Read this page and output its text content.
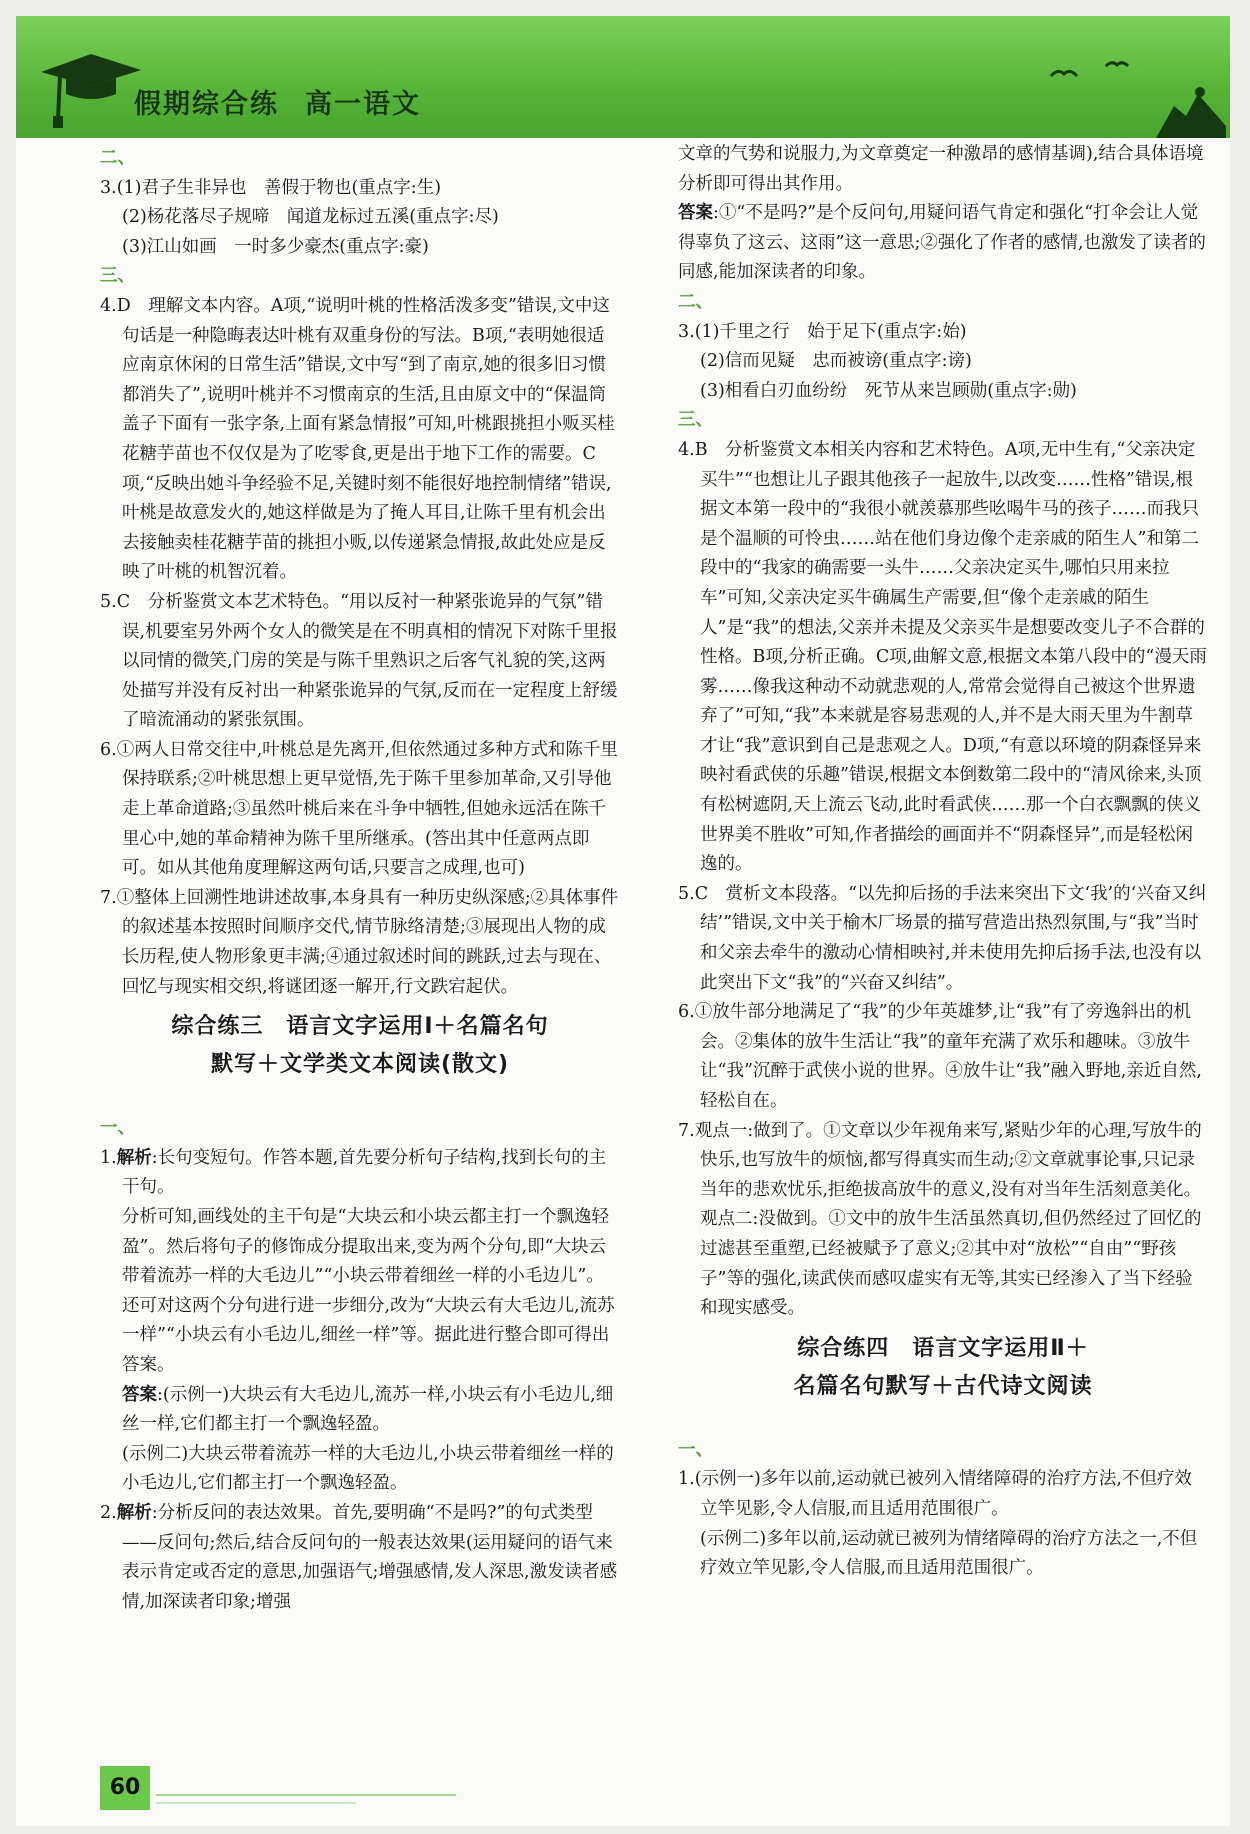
假期综合练 高一语文

二、

3.(1)君子生非异也　善假于物也(重点字:生)

(2)杨花落尽子规啼　闻道龙标过五溪(重点字:尽)

(3)江山如画　一时多少豪杰(重点字:豪)

三、

4.D　理解文本内容。A项,“说明叶桃的性格活泼多变”错误,文中这句话是一种隐晦表达叶桃有双重身份的写法。B项,“表明她很适应南京休闲的日常生活”错误,文中写“到了南京,她的很多旧习惯都消失了”,说明叶桃并不习惯南京的生活,且由原文中的“保温筒盖子下面有一张字条,上面有紧急情报”可知,叶桃跟挑担小贩买桂花糖芋苗也不仅仅是为了吃零食,更是出于地下工作的需要。C项,“反映出她斗争经验不足,关键时刻不能很好地控制情绪”错误,叶桃是故意发火的,她这样做是为了掩人耳目,让陈千里有机会出去接触卖桂花糖芋苗的挑担小贩,以传递紧急情报,故此处应是反映了叶桃的机智沉着。

5.C　分析鉴赏文本艺术特色。“用以反衬一种紧张诡异的气氛”错误,机要室另外两个女人的微笑是在不明真相的情况下对陈千里报以同情的微笑,门房的笑是与陈千里熟识之后客气礼貌的笑,这两处描写并没有反衬出一种紧张诡异的气氛,反而在一定程度上舒缓了暗流涌动的紧张氛围。

6.①两人日常交往中,叶桃总是先离开,但依然通过多种方式和陈千里保持联系;②叶桃思想上更早觉悟,先于陈千里参加革命,又引导他走上革命道路;③虽然叶桃后来在斗争中牺牲,但她永远活在陈千里心中,她的革命精神为陈千里所继承。(答出其中任意两点即可。如从其他角度理解这两句话,只要言之成理,也可)

7.①整体上回溯性地讲述故事,本身具有一种历史纵深感;②具体事件的叙述基本按照时间顺序交代,情节脉络清楚;③展现出人物的成长历程,使人物形象更丰满;④通过叙述时间的跳跃,过去与现在、回忆与现实相交织,将谜团逐一解开,行文跌宕起伏。

综合练三　语言文字运用Ⅰ＋名篇名句
默写＋文学类文本阅读(散文)

一、

1.解析:长句变短句。作答本题,首先要分析句子结构,找到长句的主干句。

分析可知,画线处的主干句是“大块云和小块云都主打一个飘逸轻盈”。然后将句子的修饰成分提取出来,变为两个分句,即“大块云带着流苏一样的大毛边儿”“小块云带着细丝一样的小毛边儿”。还可对这两个分句进行进一步细分,改为“大块云有大毛边儿,流苏一样”“小块云有小毛边儿,细丝一样”等。据此进行整合即可得出答案。

答案:(示例一)大块云有大毛边儿,流苏一样,小块云有小毛边儿,细丝一样,它们都主打一个飘逸轻盈。

(示例二)大块云带着流苏一样的大毛边儿,小块云带着细丝一样的小毛边儿,它们都主打一个飘逸轻盈。

2.解析:分析反问的表达效果。首先,要明确“不是吗?”的句式类型——反问句;然后,结合反问句的一般表达效果(运用疑问的语气来表示肯定或否定的意思,加强语气;增强感情,发人深思,激发读者感情,加深读者印象;增强

文章的气势和说服力,为文章奠定一种激昂的感情基调),结合具体语境分析即可得出其作用。

答案:①“不是吗?”是个反问句,用疑问语气肯定和强化“打伞会让人觉得辜负了这云、这雨”这一意思;②强化了作者的感情,也激发了读者的同感,能加深读者的印象。

二、

3.(1)千里之行　始于足下(重点字:始)

(2)信而见疑　忠而被谤(重点字:谤)

(3)相看白刃血纷纷　死节从来岂顾勋(重点字:勋)

三、

4.B　分析鉴赏文本相关内容和艺术特色。A项,无中生有,“父亲决定买牛”“也想让儿子跟其他孩子一起放牛,以改变……性格”错误,根据文本第一段中的“我很小就羡慕那些吆喝牛马的孩子……而我只是个温顺的可怜虫……站在他们身边像个走亲戚的陌生人”和第二段中的“我家的确需要一头牛……父亲决定买牛,哪怕只用来拉车”可知,父亲决定买牛确属生产需要,但“像个走亲戚的陌生人”是“我”的想法,父亲并未提及父亲买牛是想要改变儿子不合群的性格。B项,分析正确。C项,曲解文意,根据文本第八段中的“漫天雨雾……像我这种动不动就悲观的人,常常会觉得自己被这个世界遗弃了”可知,“我”本来就是容易悲观的人,并不是大雨天里为牛割草才让“我”意识到自己是悲观之人。D项,“有意以环境的阴森怪异来映衬看武侠的乐趣”错误,根据文本倒数第二段中的“清风徐来,头顶有松树遮阴,天上流云飞动,此时看武侠……那一个白衣飘飘的侠义世界美不胜收”可知,作者描绘的画面并不“阴森怪异”,而是轻松闲逸的。

5.C　赏析文本段落。“以先抑后扬的手法来突出下文‘我’的‘兴奋又纠结’”错误,文中关于榆木厂场景的描写营造出热烈氛围,与“我”当时和父亲去牵牛的激动心情相映衬,并未使用先抑后扬手法,也没有以此突出下文“我”的“兴奋又纠结”。

6.①放牛部分地满足了“我”的少年英雄梦,让“我”有了旁逸斜出的机会。②集体的放牛生活让“我”的童年充满了欢乐和趣味。③放牛让“我”沉醉于武侠小说的世界。④放牛让“我”融入野地,亲近自然,轻松自在。

7.观点一:做到了。①文章以少年视角来写,紧贴少年的心理,写放牛的快乐,也写放牛的烦恼,都写得真实而生动;②文章就事论事,只记录当年的悲欢忧乐,拒绝拔高放牛的意义,没有对当年生活刻意美化。

观点二:没做到。①文中的放牛生活虽然真切,但仍然经过了回忆的过滤甚至重塑,已经被赋予了意义;②其中对“放松”“自由”“野孩子”等的强化,读武侠而感叹虚实有无等,其实已经渗入了当下经验和现实感受。

综合练四　语言文字运用Ⅱ＋
名篇名句默写＋古代诗文阅读

一、

1.(示例一)多年以前,运动就已被列入情绪障碍的治疗方法,不但疗效立竿见影,令人信服,而且适用范围很广。

(示例二)多年以前,运动就已被列为情绪障碍的治疗方法之一,不但疗效立竿见影,令人信服,而且适用范围很广。

60
